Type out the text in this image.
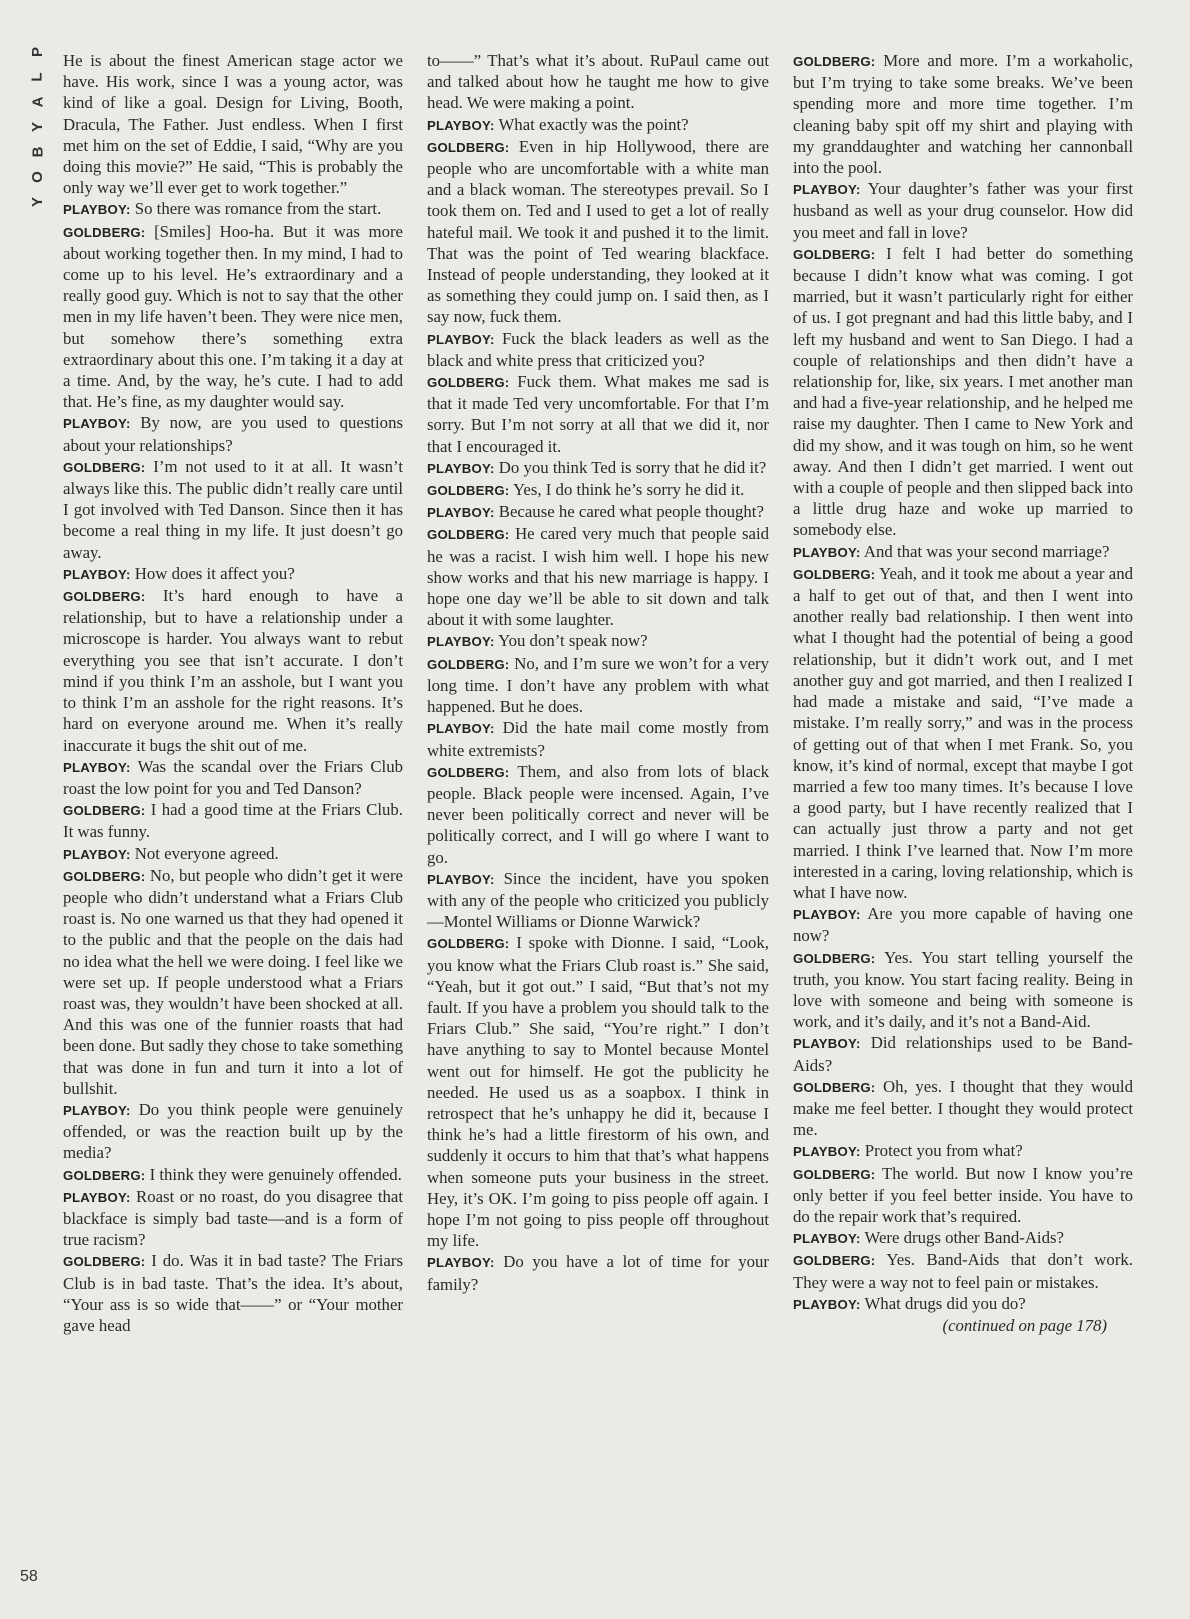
P
L
A
Y
B
O
Y

He is about the finest American stage actor we have. His work, since I was a young actor, was kind of like a goal. Design for Living, Booth, Dracula, The Father. Just endless. When I first met him on the set of Eddie, I said, “Why are you doing this movie?” He said, “This is probably the only way we’ll ever get to work together.”

PLAYBOY: So there was romance from the start.

GOLDBERG: [Smiles] Hoo-ha. But it was more about working together then. In my mind, I had to come up to his level. He’s extraordinary and a really good guy. Which is not to say that the other men in my life haven’t been. They were nice men, but somehow there’s something extra extraordinary about this one. I’m taking it a day at a time. And, by the way, he’s cute. I had to add that. He’s fine, as my daughter would say.

PLAYBOY: By now, are you used to questions about your relationships?

GOLDBERG: I’m not used to it at all. It wasn’t always like this. The public didn’t really care until I got involved with Ted Danson. Since then it has become a real thing in my life. It just doesn’t go away.

PLAYBOY: How does it affect you?

GOLDBERG: It’s hard enough to have a relationship, but to have a relationship under a microscope is harder. You always want to rebut everything you see that isn’t accurate. I don’t mind if you think I’m an asshole, but I want you to think I’m an asshole for the right reasons. It’s hard on everyone around me. When it’s really inaccurate it bugs the shit out of me.

PLAYBOY: Was the scandal over the Friars Club roast the low point for you and Ted Danson?

GOLDBERG: I had a good time at the Friars Club. It was funny.

PLAYBOY: Not everyone agreed.

GOLDBERG: No, but people who didn’t get it were people who didn’t understand what a Friars Club roast is. No one warned us that they had opened it to the public and that the people on the dais had no idea what the hell we were doing. I feel like we were set up. If people understood what a Friars roast was, they wouldn’t have been shocked at all. And this was one of the funnier roasts that had been done. But sadly they chose to take something that was done in fun and turn it into a lot of bullshit.

PLAYBOY: Do you think people were genuinely offended, or was the reaction built up by the media?

GOLDBERG: I think they were genuinely offended.

PLAYBOY: Roast or no roast, do you disagree that blackface is simply bad taste—and is a form of true racism?

GOLDBERG: I do. Was it in bad taste? The Friars Club is in bad taste. That’s the idea. It’s about, “Your ass is so wide that——” or “Your mother gave head

to——” That’s what it’s about. RuPaul came out and talked about how he taught me how to give head. We were making a point.

PLAYBOY: What exactly was the point?

GOLDBERG: Even in hip Hollywood, there are people who are uncomfortable with a white man and a black woman. The stereotypes prevail. So I took them on. Ted and I used to get a lot of really hateful mail. We took it and pushed it to the limit. That was the point of Ted wearing blackface. Instead of people understanding, they looked at it as something they could jump on. I said then, as I say now, fuck them.

PLAYBOY: Fuck the black leaders as well as the black and white press that criticized you?

GOLDBERG: Fuck them. What makes me sad is that it made Ted very uncomfortable. For that I’m sorry. But I’m not sorry at all that we did it, nor that I encouraged it.

PLAYBOY: Do you think Ted is sorry that he did it?

GOLDBERG: Yes, I do think he’s sorry he did it.

PLAYBOY: Because he cared what people thought?

GOLDBERG: He cared very much that people said he was a racist. I wish him well. I hope his new show works and that his new marriage is happy. I hope one day we’ll be able to sit down and talk about it with some laughter.

PLAYBOY: You don’t speak now?

GOLDBERG: No, and I’m sure we won’t for a very long time. I don’t have any problem with what happened. But he does.

PLAYBOY: Did the hate mail come mostly from white extremists?

GOLDBERG: Them, and also from lots of black people. Black people were incensed. Again, I’ve never been politically correct and never will be politically correct, and I will go where I want to go.

PLAYBOY: Since the incident, have you spoken with any of the people who criticized you publicly—Montel Williams or Dionne Warwick?

GOLDBERG: I spoke with Dionne. I said, “Look, you know what the Friars Club roast is.” She said, “Yeah, but it got out.” I said, “But that’s not my fault. If you have a problem you should talk to the Friars Club.” She said, “You’re right.” I don’t have anything to say to Montel because Montel went out for himself. He got the publicity he needed. He used us as a soapbox. I think in retrospect that he’s unhappy he did it, because I think he’s had a little firestorm of his own, and suddenly it occurs to him that that’s what happens when someone puts your business in the street. Hey, it’s OK. I’m going to piss people off again. I hope I’m not going to piss people off throughout my life.

PLAYBOY: Do you have a lot of time for your family?

GOLDBERG: More and more. I’m a workaholic, but I’m trying to take some breaks. We’ve been spending more and more time together. I’m cleaning baby spit off my shirt and playing with my granddaughter and watching her cannonball into the pool.

PLAYBOY: Your daughter’s father was your first husband as well as your drug counselor. How did you meet and fall in love?

GOLDBERG: I felt I had better do something because I didn’t know what was coming. I got married, but it wasn’t particularly right for either of us. I got pregnant and had this little baby, and I left my husband and went to San Diego. I had a couple of relationships and then didn’t have a relationship for, like, six years. I met another man and had a five-year relationship, and he helped me raise my daughter. Then I came to New York and did my show, and it was tough on him, so he went away. And then I didn’t get married. I went out with a couple of people and then slipped back into a little drug haze and woke up married to somebody else.

PLAYBOY: And that was your second marriage?

GOLDBERG: Yeah, and it took me about a year and a half to get out of that, and then I went into another really bad relationship. I then went into what I thought had the potential of being a good relationship, but it didn’t work out, and I met another guy and got married, and then I realized I had made a mistake and said, “I’ve made a mistake. I’m really sorry,” and was in the process of getting out of that when I met Frank. So, you know, it’s kind of normal, except that maybe I got married a few too many times. It’s because I love a good party, but I have recently realized that I can actually just throw a party and not get married. I think I’ve learned that. Now I’m more interested in a caring, loving relationship, which is what I have now.

PLAYBOY: Are you more capable of having one now?

GOLDBERG: Yes. You start telling yourself the truth, you know. You start facing reality. Being in love with someone and being with someone is work, and it’s daily, and it’s not a Band-Aid.

PLAYBOY: Did relationships used to be Band-Aids?

GOLDBERG: Oh, yes. I thought that they would make me feel better. I thought they would protect me.

PLAYBOY: Protect you from what?

GOLDBERG: The world. But now I know you’re only better if you feel better inside. You have to do the repair work that’s required.

PLAYBOY: Were drugs other Band-Aids?

GOLDBERG: Yes. Band-Aids that don’t work. They were a way not to feel pain or mistakes.

PLAYBOY: What drugs did you do?

(continued on page 178)

58
